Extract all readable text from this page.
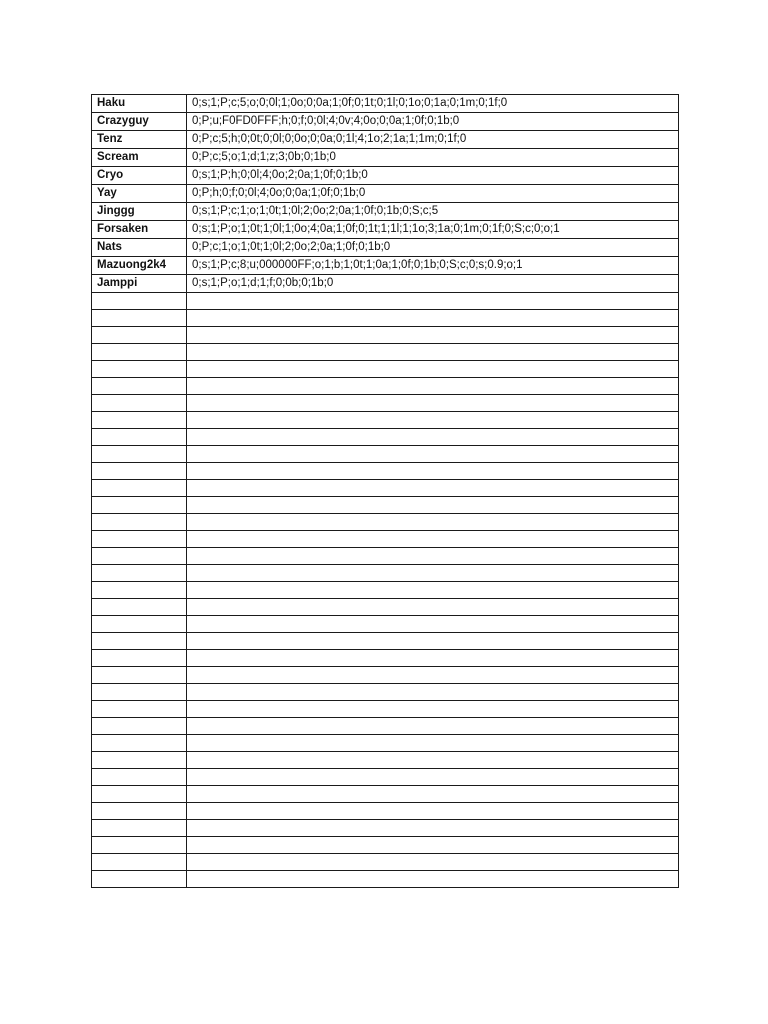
Haku	0;s;1;P;c;5;o;0;0l;1;0o;0;0a;1;0f;0;1t;0;1l;0;1o;0;1a;0;1m;0;1f;0
Crazyguy	0;P;u;F0FD0FFF;h;0;f;0;0l;4;0v;4;0o;0;0a;1;0f;0;1b;0
Tenz	0;P;c;5;h;0;0t;0;0l;0;0o;0;0a;0;1l;4;1o;2;1a;1;1m;0;1f;0
Scream	0;P;c;5;o;1;d;1;z;3;0b;0;1b;0
Cryo	0;s;1;P;h;0;0l;4;0o;2;0a;1;0f;0;1b;0
Yay	0;P;h;0;f;0;0l;4;0o;0;0a;1;0f;0;1b;0
Jinggg	0;s;1;P;c;1;o;1;0t;1;0l;2;0o;2;0a;1;0f;0;1b;0;S;c;5
Forsaken	0;s;1;P;o;1;0t;1;0l;1;0o;4;0a;1;0f;0;1t;1;1l;1;1o;3;1a;0;1m;0;1f;0;S;c;0;o;1
Nats	0;P;c;1;o;1;0t;1;0l;2;0o;2;0a;1;0f;0;1b;0
Mazuong2k4	0;s;1;P;c;8;u;000000FF;o;1;b;1;0t;1;0a;1;0f;0;1b;0;S;c;0;s;0.9;o;1
Jamppi	0;s;1;P;o;1;d;1;f;0;0b;0;1b;0
